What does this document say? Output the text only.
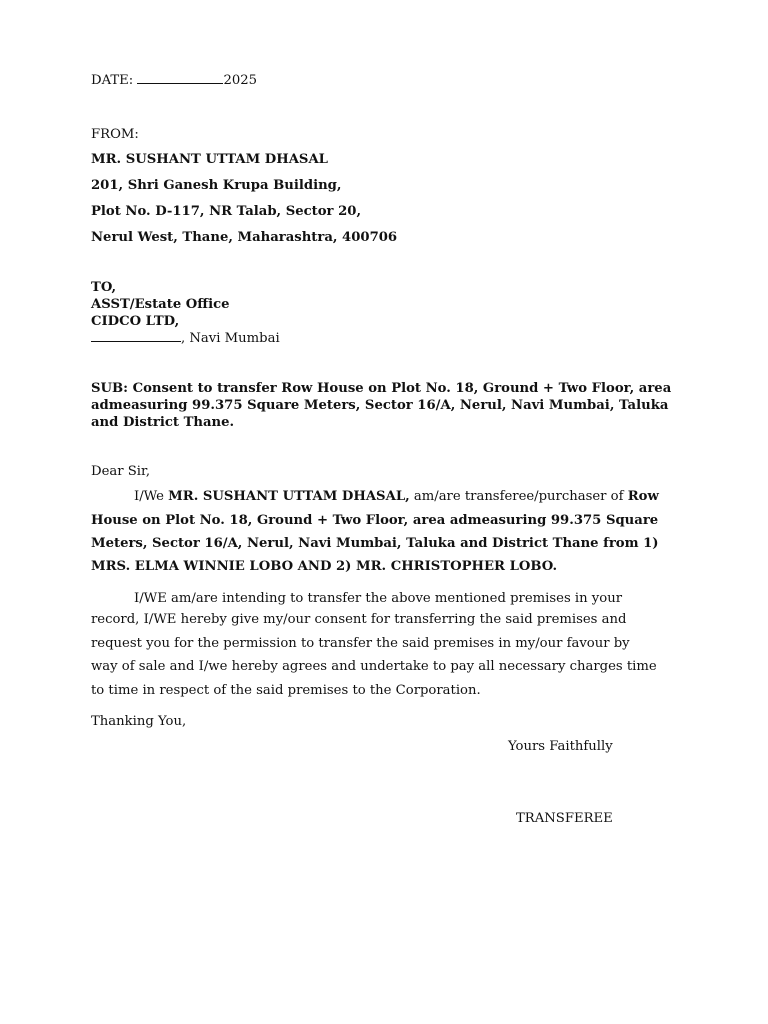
DATE:	2025
FROM:
MR. SUSHANT UTTAM DHASAL
201, Shri Ganesh Krupa Building,
Plot No. D-117, NR Talab, Sector 20,
Nerul West, Thane, Maharashtra, 400706
TO,
ASST/Estate Office
CIDCO LTD,
, Navi Mumbai
SUB: Consent to transfer Row House on Plot No. 18, Ground + Two Floor, area
admeasuring 99.375 Square Meters, Sector 16/A, Nerul, Navi Mumbai, Taluka
and District Thane.
Dear Sir,
I/We MR. SUSHANT UTTAM DHASAL, am/are transferee/purchaser of Row
House on Plot No. 18, Ground + Two Floor, area admeasuring 99.375 Square
Meters, Sector 16/A, Nerul, Navi Mumbai, Taluka and District Thane from 1)
MRS. ELMA WINNIE LOBO AND 2) MR. CHRISTOPHER LOBO.
I/WE am/are intending to transfer the above mentioned premises in your
record, I/WE hereby give my/our consent for transferring the said premises and
request you for the permission to transfer the said premises in my/our favour by
way of sale and I/we hereby agrees and undertake to pay all necessary charges time
to time in respect of the said premises to the Corporation.
Thanking You,
Yours Faithfully
TRANSFEREE
